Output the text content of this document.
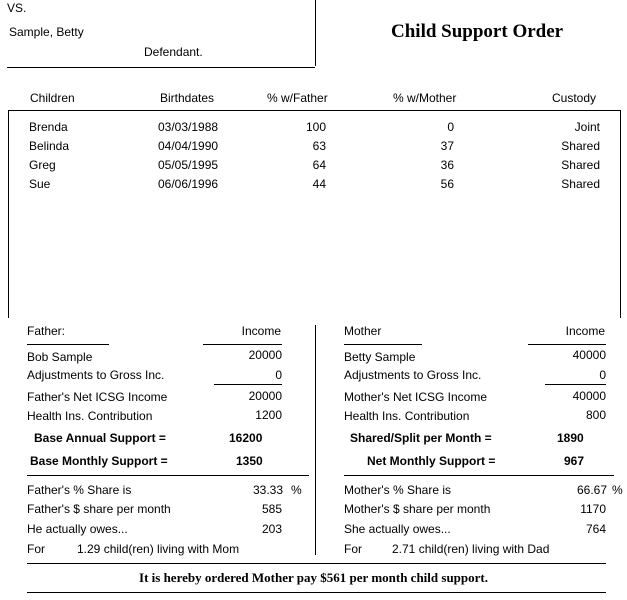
VS.
Sample, Betty
Defendant.
Child Support Order
Children	Birthdates	% w/Father	% w/Mother	Custody
Brenda	03/03/1988	100	0	Joint
Belinda	04/04/1990	63	37	Shared
Greg	05/05/1995	64	36	Shared
Sue	06/06/1996	44	56	Shared
Father:	Income
Bob Sample	20000
Adjustments to Gross Inc.	0
Father's Net ICSG Income	20000
Health Ins. Contribution	1200
Base Annual Support =	16200
Base Monthly Support =	1350
Father's % Share is	33.33 %
Father's $ share per month	585
He actually owes...	203
For	1.29 child(ren) living with Mom
Mother	Income
Betty Sample	40000
Adjustments to Gross Inc.	0
Mother's Net ICSG Income	40000
Health Ins. Contribution	800
Shared/Split per Month =	1890
Net Monthly Support =	967
Mother's % Share is	66.67 %
Mother's $ share per month	1170
She actually owes...	764
For	2.71 child(ren) living with Dad
It is hereby ordered Mother pay $561 per month child support.
